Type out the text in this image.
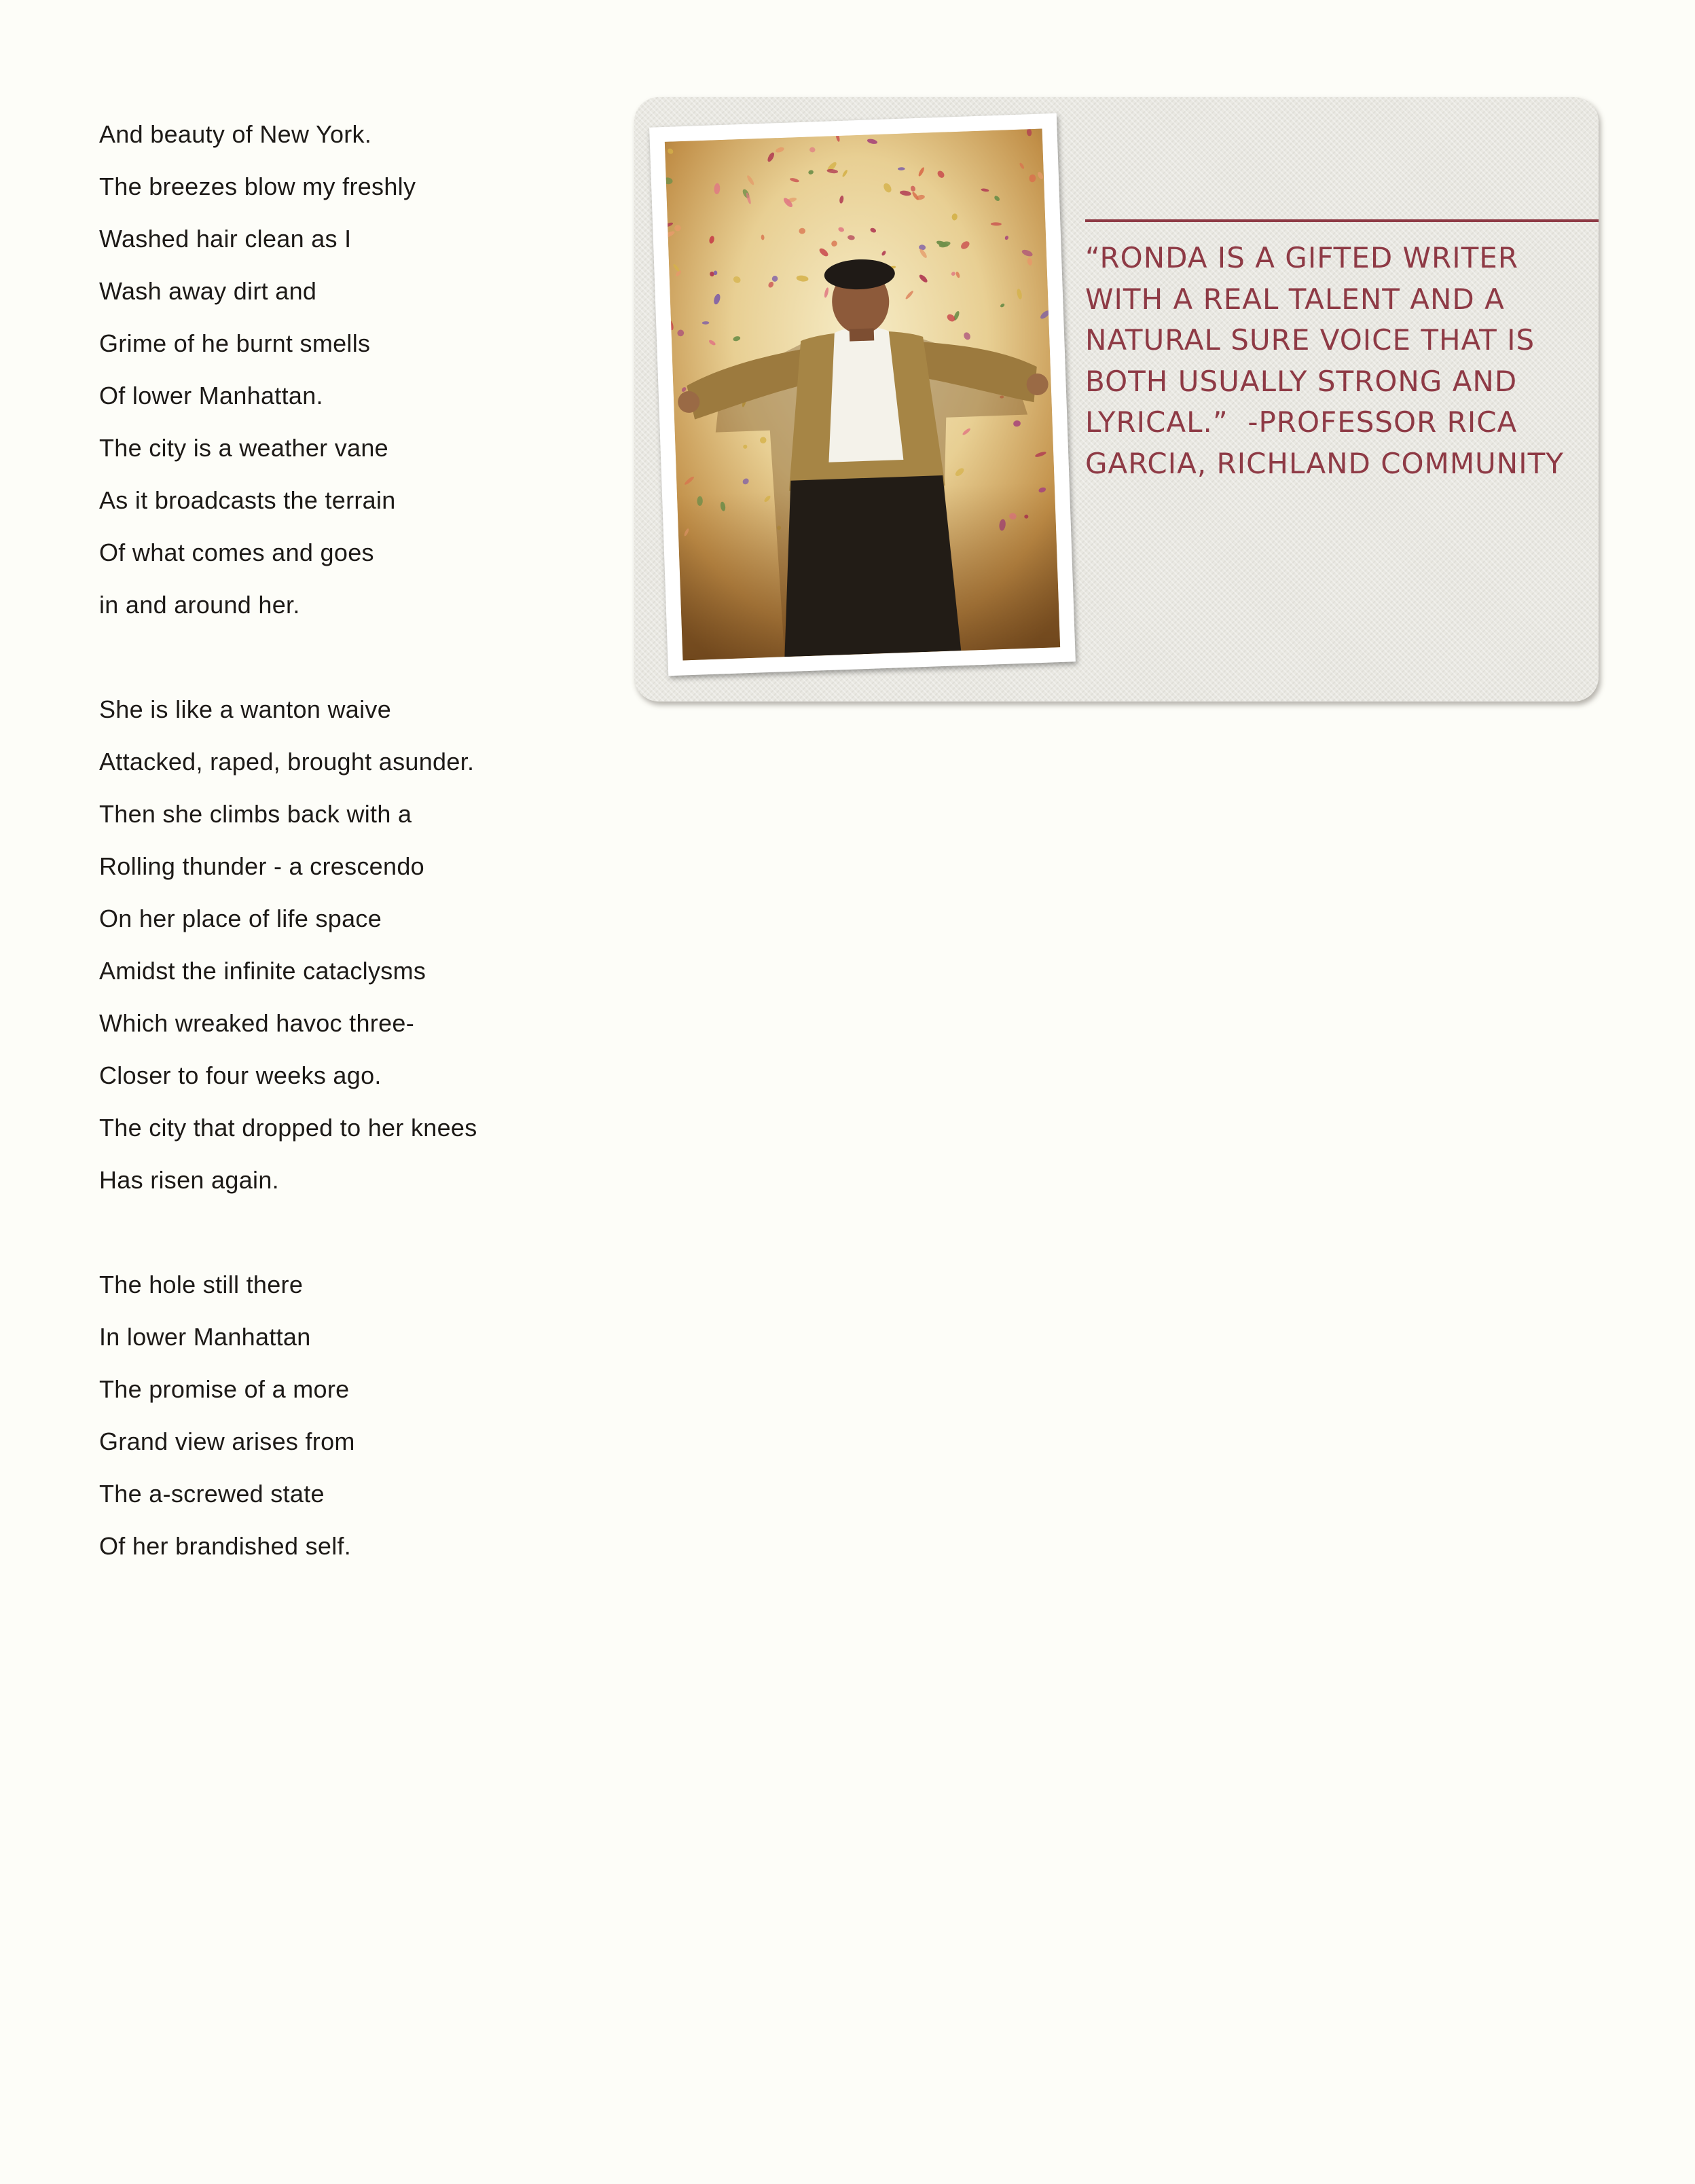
And beauty of New York.
The breezes blow my freshly
Washed hair clean as I
Wash away dirt and
Grime of he burnt smells
Of lower Manhattan.
The city is a weather vane
As it broadcasts the terrain
Of what comes and goes
in and around her.
She is like a wanton waive
Attacked, raped, brought asunder.
Then she climbs back with a
Rolling thunder - a crescendo
On her place of life space
Amidst the infinite cataclysms
Which wreaked havoc three-
Closer to four weeks ago.
The city that dropped to her knees
Has risen again.
The hole still there
In lower Manhattan
The promise of a more
Grand view arises from
The a-screwed state
Of her brandished self.

“RONDA IS A GIFTED WRITER
WITH A REAL TALENT AND A
NATURAL SURE VOICE THAT IS
BOTH USUALLY STRONG AND
LYRICAL.”  -PROFESSOR RICA
GARCIA, RICHLAND COMMUNITY
